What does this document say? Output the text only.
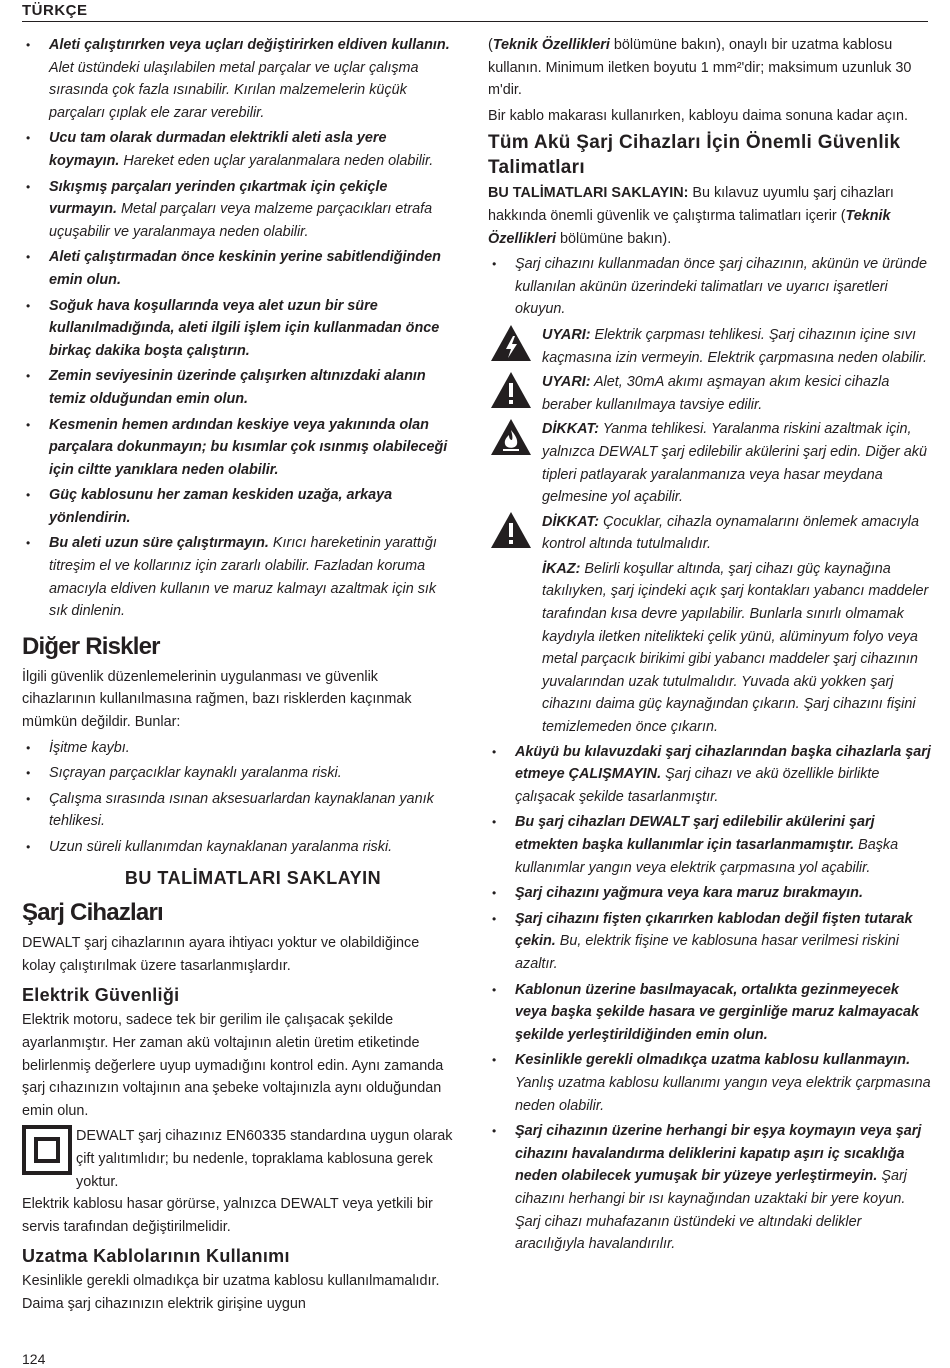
TÜRKÇE
• Aleti çalıştırırken veya uçları değiştirirken eldiven kullanın. Alet üstündeki ulaşılabilen metal parçalar ve uçlar çalışma sırasında çok fazla ısınabilir. Kırılan malzemelerin küçük parçaları çıplak ele zarar verebilir.
• Ucu tam olarak durmadan elektrikli aleti asla yere koymayın. Hareket eden uçlar yaralanmalara neden olabilir.
• Sıkışmış parçaları yerinden çıkartmak için çekiçle vurmayın. Metal parçaları veya malzeme parçacıkları etrafa uçuşabilir ve yaralanmaya neden olabilir.
• Aleti çalıştırmadan önce keskinin yerine sabitlendiğinden emin olun.
• Soğuk hava koşullarında veya alet uzun bir süre kullanılmadığında, aleti ilgili işlem için kullanmadan önce birkaç dakika boşta çalıştırın.
• Zemin seviyesinin üzerinde çalışırken altınızdaki alanın temiz olduğundan emin olun.
• Kesmenin hemen ardından keskiye veya yakınında olan parçalara dokunmayın; bu kısımlar çok ısınmış olabileceği için ciltte yanıklara neden olabilir.
• Güç kablosunu her zaman keskiden uzağa, arkaya yönlendirin.
• Bu aleti uzun süre çalıştırmayın. Kırıcı hareketinin yarattığı titreşim el ve kollarınız için zararlı olabilir. Fazladan koruma amacıyla eldiven kullanın ve maruz kalmayı azaltmak için sık sık dinlenin.
Diğer Riskler

İlgili güvenlik düzenlemelerinin uygulanması ve güvenlik cihazlarının kullanılmasına rağmen, bazı risklerden kaçınmak mümkün değildir. Bunlar:

• İşitme kaybı.
• Sıçrayan parçacıklar kaynaklı yaralanma riski.
• Çalışma sırasında ısınan aksesuarlardan kaynaklanan yanık tehlikesi.
• Uzun süreli kullanımdan kaynaklanan yaralanma riski.
BU TALİMATLARI SAKLAYIN
Şarj Cihazları

DEWALT şarj cihazlarının ayara ihtiyacı yoktur ve olabildiğince kolay çalıştırılmak üzere tasarlanmışlardır.

Elektrik Güvenliği

Elektrik motoru, sadece tek bir gerilim ile çalışacak şekilde ayarlanmıştır. Her zaman akü voltajının aletin üretim etiketinde belirlenmiş değerlere uyup uymadığını kontrol edin. Aynı zamanda şarj cıhazınızın voltajının ana şebeke voltajınızla aynı olduğundan emin olun.

DEWALT şarj cihazınız EN60335 standardına uygun olarak çift yalıtımlıdır; bu nedenle, topraklama kablosuna gerek yoktur.

Elektrik kablosu hasar görürse, yalnızca DEWALT veya yetkili bir servis tarafından değiştirilmelidir.

Uzatma Kablolarının Kullanımı

Kesinlikle gerekli olmadıkça bir uzatma kablosu kullanılmamalıdır. Daima şarj cihazınızın elektrik girişine uygun

(Teknik Özellikleri bölümüne bakın), onaylı bir uzatma kablosu kullanın. Minimum iletken boyutu 1 mm²'dir; maksimum uzunluk 30 m'dir.

Bir kablo makarası kullanırken, kabloyu daima sonuna kadar açın.

Tüm Akü Şarj Cihazları İçin Önemli Güvenlik Talimatları

BU TALİMATLARI SAKLAYIN: Bu kılavuz uyumlu şarj cihazları hakkında önemli güvenlik ve çalıştırma talimatları içerir (Teknik Özellikleri bölümüne bakın).

• Şarj cihazını kullanmadan önce şarj cihazının, akünün ve üründe kullanılan akünün üzerindeki talimatları ve uyarıcı işaretleri okuyun.
UYARI: Elektrik çarpması tehlikesi. Şarj cihazının içine sıvı kaçmasına izin vermeyin. Elektrik çarpmasına neden olabilir.
UYARI: Alet, 30mA akımı aşmayan akım kesici cihazla beraber kullanılmaya tavsiye edilir.
DİKKAT: Yanma tehlikesi. Yaralanma riskini azaltmak için, yalnızca DEWALT şarj edilebilir akülerini şarj edin. Diğer akü tipleri patlayarak yaralanmanıza veya hasar meydana gelmesine yol açabilir.
DİKKAT: Çocuklar, cihazla oynamalarını önlemek amacıyla kontrol altında tutulmalıdır.
İKAZ: Belirli koşullar altında, şarj cihazı güç kaynağına takılıyken, şarj içindeki açık şarj kontakları yabancı maddeler tarafından kısa devre yapılabilir. Bunlarla sınırlı olmamak kaydıyla iletken nitelikteki çelik yünü, alüminyum folyo veya metal parçacık birikimi gibi yabancı maddeler şarj cihazının yuvalarından uzak tutulmalıdır. Yuvada akü yokken şarj cihazını daima güç kaynağından çıkarın. Şarj cihazını fişini temizlemeden önce çıkarın.
• Aküyü bu kılavuzdaki şarj cihazlarından başka cihazlarla şarj etmeye ÇALIŞMAYIN. Şarj cihazı ve akü özellikle birlikte çalışacak şekilde tasarlanmıştır.
• Bu şarj cihazları DEWALT şarj edilebilir akülerini şarj etmekten başka kullanımlar için tasarlanmamıştır. Başka kullanımlar yangın veya elektrik çarpmasına yol açabilir.
• Şarj cihazını yağmura veya kara maruz bırakmayın.
• Şarj cihazını fişten çıkarırken kablodan değil fişten tutarak çekin. Bu, elektrik fişine ve kablosuna hasar verilmesi riskini azaltır.
• Kablonun üzerine basılmayacak, ortalıkta gezinmeyecek veya başka şekilde hasara ve gerginliğe maruz kalmayacak şekilde yerleştirildiğinden emin olun.
• Kesinlikle gerekli olmadıkça uzatma kablosu kullanmayın. Yanlış uzatma kablosu kullanımı yangın veya elektrik çarpmasına neden olabilir.
• Şarj cihazının üzerine herhangi bir eşya koymayın veya şarj cihazını havalandırma deliklerini kapatıp aşırı iç sıcaklığa neden olabilecek yumuşak bir yüzeye yerleştirmeyin. Şarj cihazını herhangi bir ısı kaynağından uzaktaki bir yere koyun. Şarj cihazı muhafazanın üstündeki ve altındaki delikler aracılığıyla havalandırılır.
124
